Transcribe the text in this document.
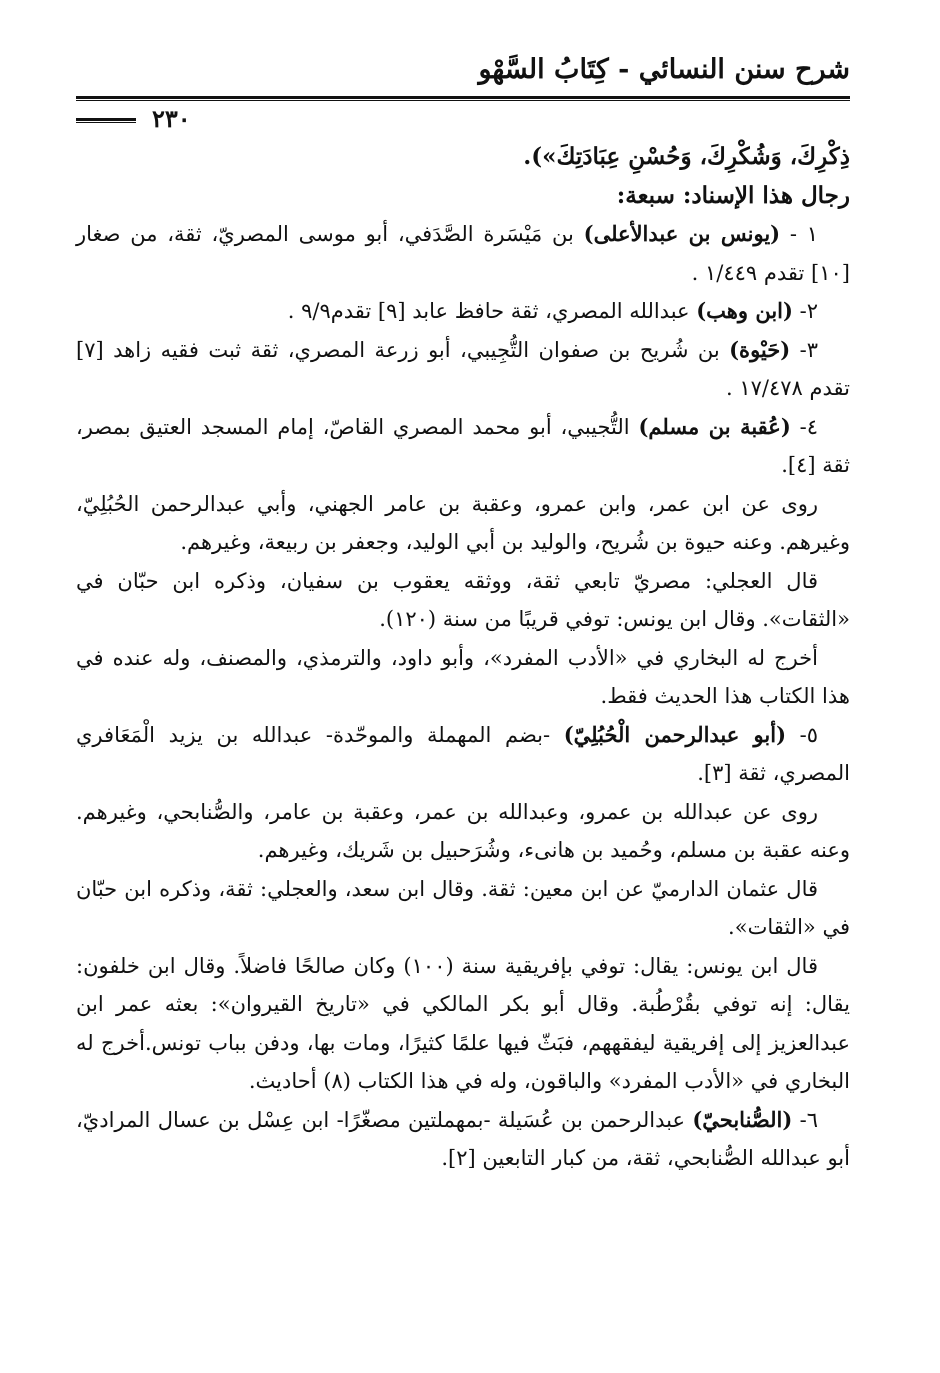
شرح سنن النسائي - كِتَابُ السَّهْو
٢٣٠

ذِكْرِكَ، وَشُكْرِكَ، وَحُسْنِ عِبَادَتِكَ»).

رجال هذا الإسناد: سبعة:

١ - (يونس بن عبدالأعلى) بن مَيْسَرة الصَّدَفي، أبو موسى المصريّ، ثقة، من صغار [١٠] تقدم ١/٤٤٩ .

٢- (ابن وهب) عبدالله المصري، ثقة حافظ عابد [٩] تقدم٩/٩ .

٣- (حَيْوة) بن شُريح بن صفوان التُّجِيبي، أبو زرعة المصري، ثقة ثبت فقيه زاهد [٧] تقدم ١٧/٤٧٨ .

٤- (عُقبة بن مسلم) التُّجيبي، أبو محمد المصري القاصّ، إمام المسجد العتيق بمصر، ثقة [٤].

روى عن ابن عمر، وابن عمرو، وعقبة بن عامر الجهني، وأبي عبدالرحمن الحُبُلِيّ، وغيرهم. وعنه حيوة بن شُريح، والوليد بن أبي الوليد، وجعفر بن ربيعة، وغيرهم.

قال العجلي: مصريّ تابعي ثقة، ووثقه يعقوب بن سفيان، وذكره ابن حبّان في «الثقات». وقال ابن يونس: توفي قريبًا من سنة (١٢٠).

أخرج له البخاري في «الأدب المفرد»، وأبو داود، والترمذي، والمصنف، وله عنده في هذا الكتاب هذا الحديث فقط.

٥- (أبو عبدالرحمن الْحُبُلِيّ) -بضم المهملة والموحّدة- عبدالله بن يزيد الْمَعَافري المصري، ثقة [٣].

روى عن عبدالله بن عمرو، وعبدالله بن عمر، وعقبة بن عامر، والصُّنابحي، وغيرهم. وعنه عقبة بن مسلم، وحُميد بن هانىء، وشُرَحبيل بن شَريك، وغيرهم.

قال عثمان الدارميّ عن ابن معين: ثقة. وقال ابن سعد، والعجلي: ثقة، وذكره ابن حبّان في «الثقات».

قال ابن يونس: يقال: توفي بإفريقية سنة (١٠٠) وكان صالحًا فاضلاً. وقال ابن خلفون: يقال: إنه توفي بقُرْطُبة. وقال أبو بكر المالكي في «تاريخ القيروان»: بعثه عمر ابن عبدالعزيز إلى إفريقية ليفقههم، فبَثّ فيها علمًا كثيرًا، ومات بها، ودفن بباب تونس.أخرج له البخاري في «الأدب المفرد» والباقون، وله في هذا الكتاب (٨) أحاديث.

٦- (الصُّنابحيّ) عبدالرحمن بن عُسَيلة -بمهملتين مصغّرًا- ابن عِسْل بن عسال المراديّ، أبو عبدالله الصُّنابحي، ثقة، من كبار التابعين [٢].
